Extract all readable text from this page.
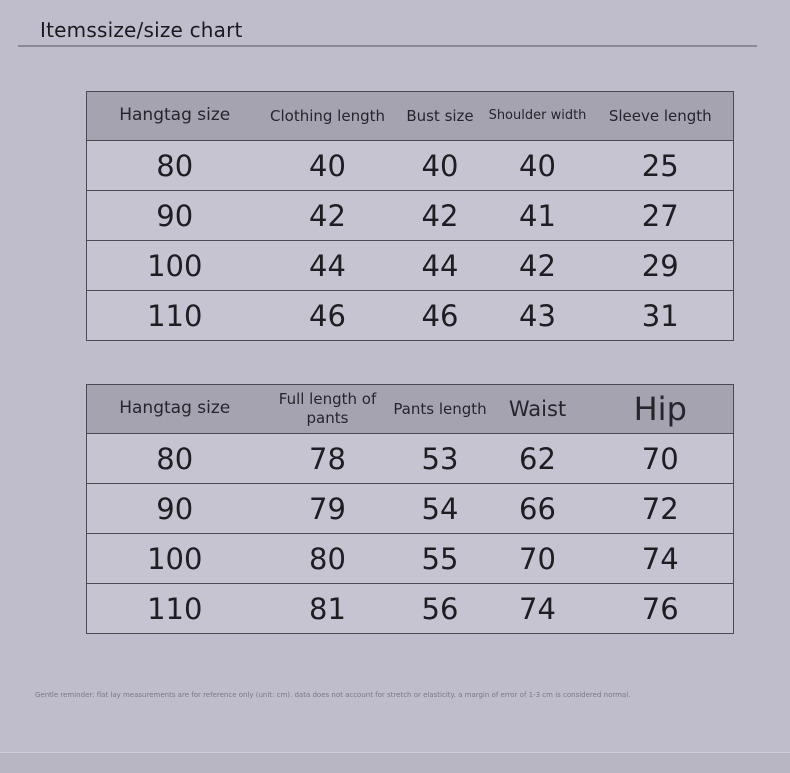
Itemssize/size chart
Hangtag size	Clothing length	Bust size	Shoulder width	Sleeve length
80	40	40	40	25
90	42	42	41	27
100	44	44	42	29
110	46	46	43	31
Hangtag size	Full length of pants	Pants length	Waist	Hip
80	78	53	62	70
90	79	54	66	72
100	80	55	70	74
110	81	56	74	76
Gentle reminder: flat lay measurements are for reference only (unit: cm). data does not account for stretch or elasticity. a margin of error of 1-3 cm is considered normal.
